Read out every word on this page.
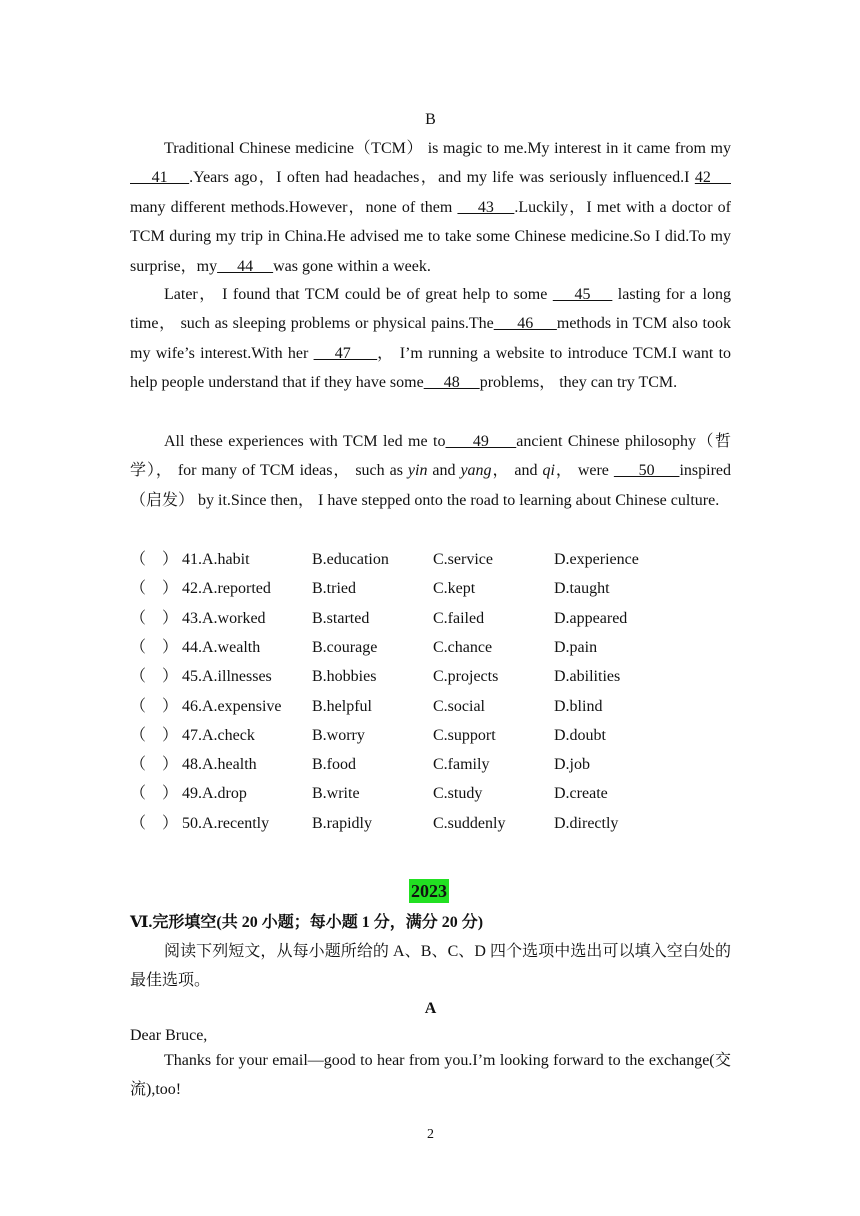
B
Traditional Chinese medicine（TCM） is magic to me.My interest in it came from my     41    .Years ago，I often had headaches，and my life was seriously influenced.I 42     many different methods.However，none of them     43    .Luckily，I met with a doctor of TCM during my trip in China.He advised me to take some Chinese medicine.So I did.To my surprise，my     44     was gone within a week.
Later， I found that TCM could be of great help to some     45     lasting for a long time， such as sleeping problems or physical pains.The     46     methods in TCM also took my wife’s interest.With her     47     ， I’m running a website to introduce TCM.I want to help people understand that if they have some     48     problems， they can try TCM.
All these experiences with TCM led me to     49     ancient Chinese philosophy（哲学）， for many of TCM ideas， such as yin and yang， and qi， were      50     inspired （启发） by it.Since then， I have stepped onto the road to learning about Chinese culture.
（    ） 41.A.habit	B.education	C.service	D.experience
（    ） 42.A.reported	B.tried	C.kept	D.taught
（    ） 43.A.worked	B.started	C.failed	D.appeared
（    ） 44.A.wealth	B.courage	C.chance	D.pain
（    ） 45.A.illnesses	B.hobbies	C.projects	D.abilities
（    ） 46.A.expensive B.helpful	C.social	D.blind
（    ） 47.A.check	B.worry	C.support	D.doubt
（    ） 48.A.health	B.food	C.family	D.job
（    ） 49.A.drop	B.write	C.study	D.create
（    ） 50.A.recently	B.rapidly	C.suddenly	D.directly
2023
Ⅵ.完形填空(共 20 小题；每小题 1 分，满分 20 分)
阅读下列短文，从每小题所给的 A、B、C、D 四个选项中选出可以填入空白处的最佳选项。
A
Dear Bruce,
Thanks for your email—good to hear from you.I’m looking forward to the exchange(交流),too!
2
